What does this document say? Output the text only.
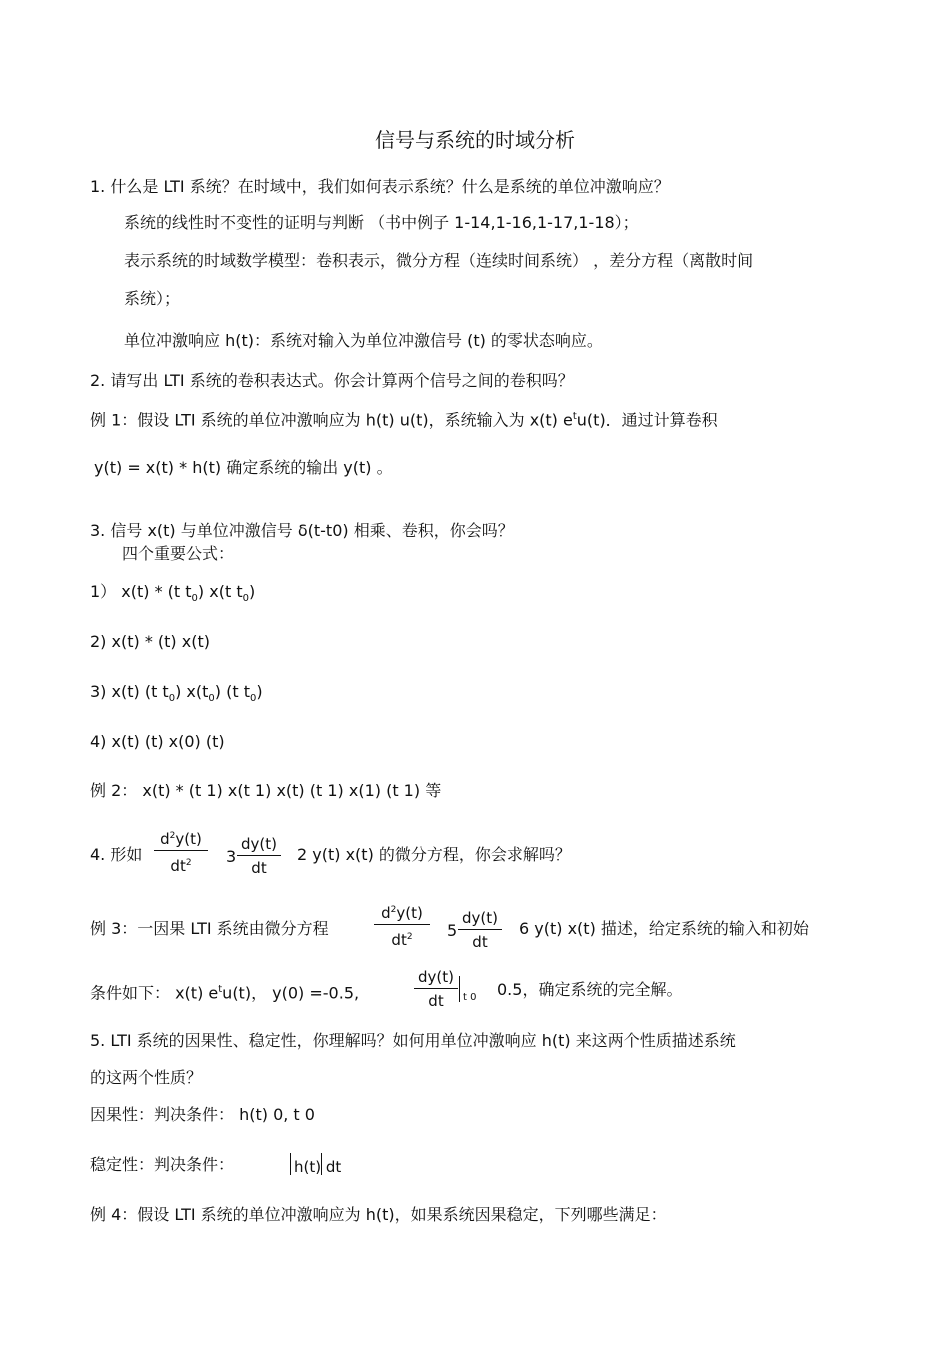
信号与系统的时域分析
1. 什么是 LTI 系统？在时域中，我们如何表示系统？什么是系统的单位冲激响应？
系统的线性时不变性的证明与判断 （书中例子 1-14,1-16,1-17,1-18）；
表示系统的时域数学模型：卷积表示，微分方程（连续时间系统） ，差分方程（离散时间
系统）；
单位冲激响应 h(t)：系统对输入为单位冲激信号 (t) 的零状态响应。
2. 请写出 LTI 系统的卷积表达式。你会计算两个信号之间的卷积吗？
例 1：假设 LTI 系统的单位冲激响应为 h(t) u(t)，系统输入为 x(t) $e^tu(t)$．通过计算卷积
y(t) = x(t) * h(t) 确定系统的输出 y(t) 。
3. 信号 x(t) 与单位冲激信号 δ(t-t0) 相乘、卷积，你会吗？
四个重要公式：
1） x(t) * (t $t_0$) x(t $t_0$)
2) x(t) * (t) x(t)
3) x(t) (t $t_0$) $x(t_0)$ (t $t_0$)
4) x(t) (t) x(0) (t)
例 2： x(t) * (t 1) x(t 1) x(t) (t 1) x(1) (t 1) 等
4. 形如
$d^2y(t)$
$dt^2$	3
dy(t)
dt
2 y(t) x(t) 的微分方程，你会求解吗？
例 3：一因果 LTI 系统由微分方程
$d^2y(t)$
$dt^2$	5
dy(t)
dt
6 y(t) x(t) 描述，给定系统的输入和初始
条件如下： x(t) $e^tu(t)$， y(0) =-0.5,
dy(t)
dt	t 0 0.5，确定系统的完全解。
5. LTI 系统的因果性、稳定性，你理解吗？如何用单位冲激响应 h(t) 来这两个性质描述系统
的这两个性质？
因果性：判决条件： h(t) 0, t 0
稳定性：判决条件：	h(t) dt
例 4：假设 LTI 系统的单位冲激响应为 h(t)，如果系统因果稳定，下列哪些满足：
